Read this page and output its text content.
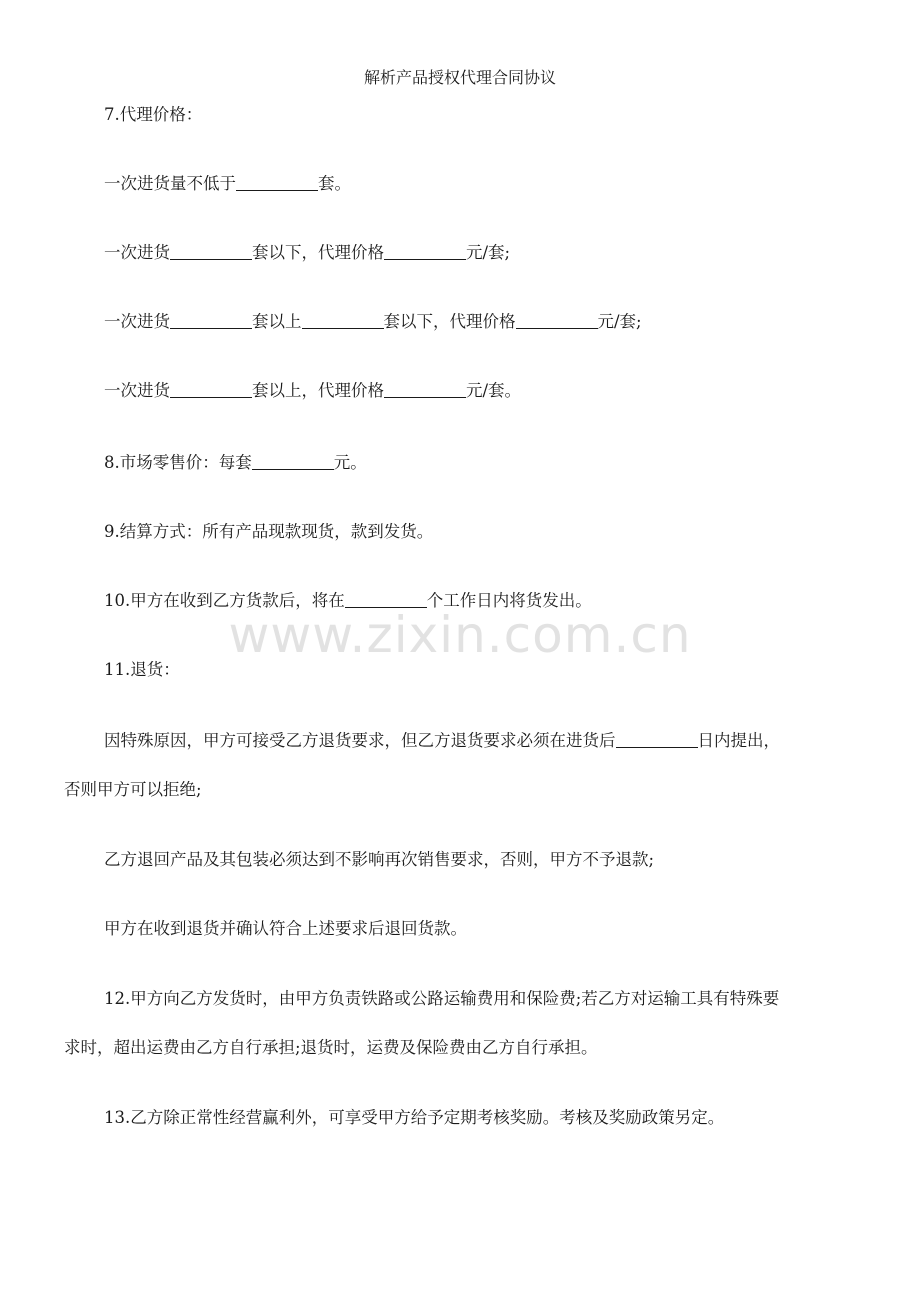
www.zixin.com.cn
解析产品授权代理合同协议
7.代理价格：
一次进货量不低于	套。
一次进货	套以下，代理价格	元/套;
一次进货	套以上	套以下，代理价格	元/套;
一次进货	套以上，代理价格	元/套。
8.市场零售价：每套	元。
9.结算方式：所有产品现款现货，款到发货。
10.甲方在收到乙方货款后，将在	个工作日内将货发出。
11.退货：
因特殊原因，甲方可接受乙方退货要求，但乙方退货要求必须在进货后	日内提出，
否则甲方可以拒绝;
乙方退回产品及其包装必须达到不影响再次销售要求，否则，甲方不予退款;
甲方在收到退货并确认符合上述要求后退回货款。
12.甲方向乙方发货时，由甲方负责铁路或公路运输费用和保险费;若乙方对运输工具有特殊要
求时，超出运费由乙方自行承担;退货时，运费及保险费由乙方自行承担。
13.乙方除正常性经营赢利外，可享受甲方给予定期考核奖励。考核及奖励政策另定。
